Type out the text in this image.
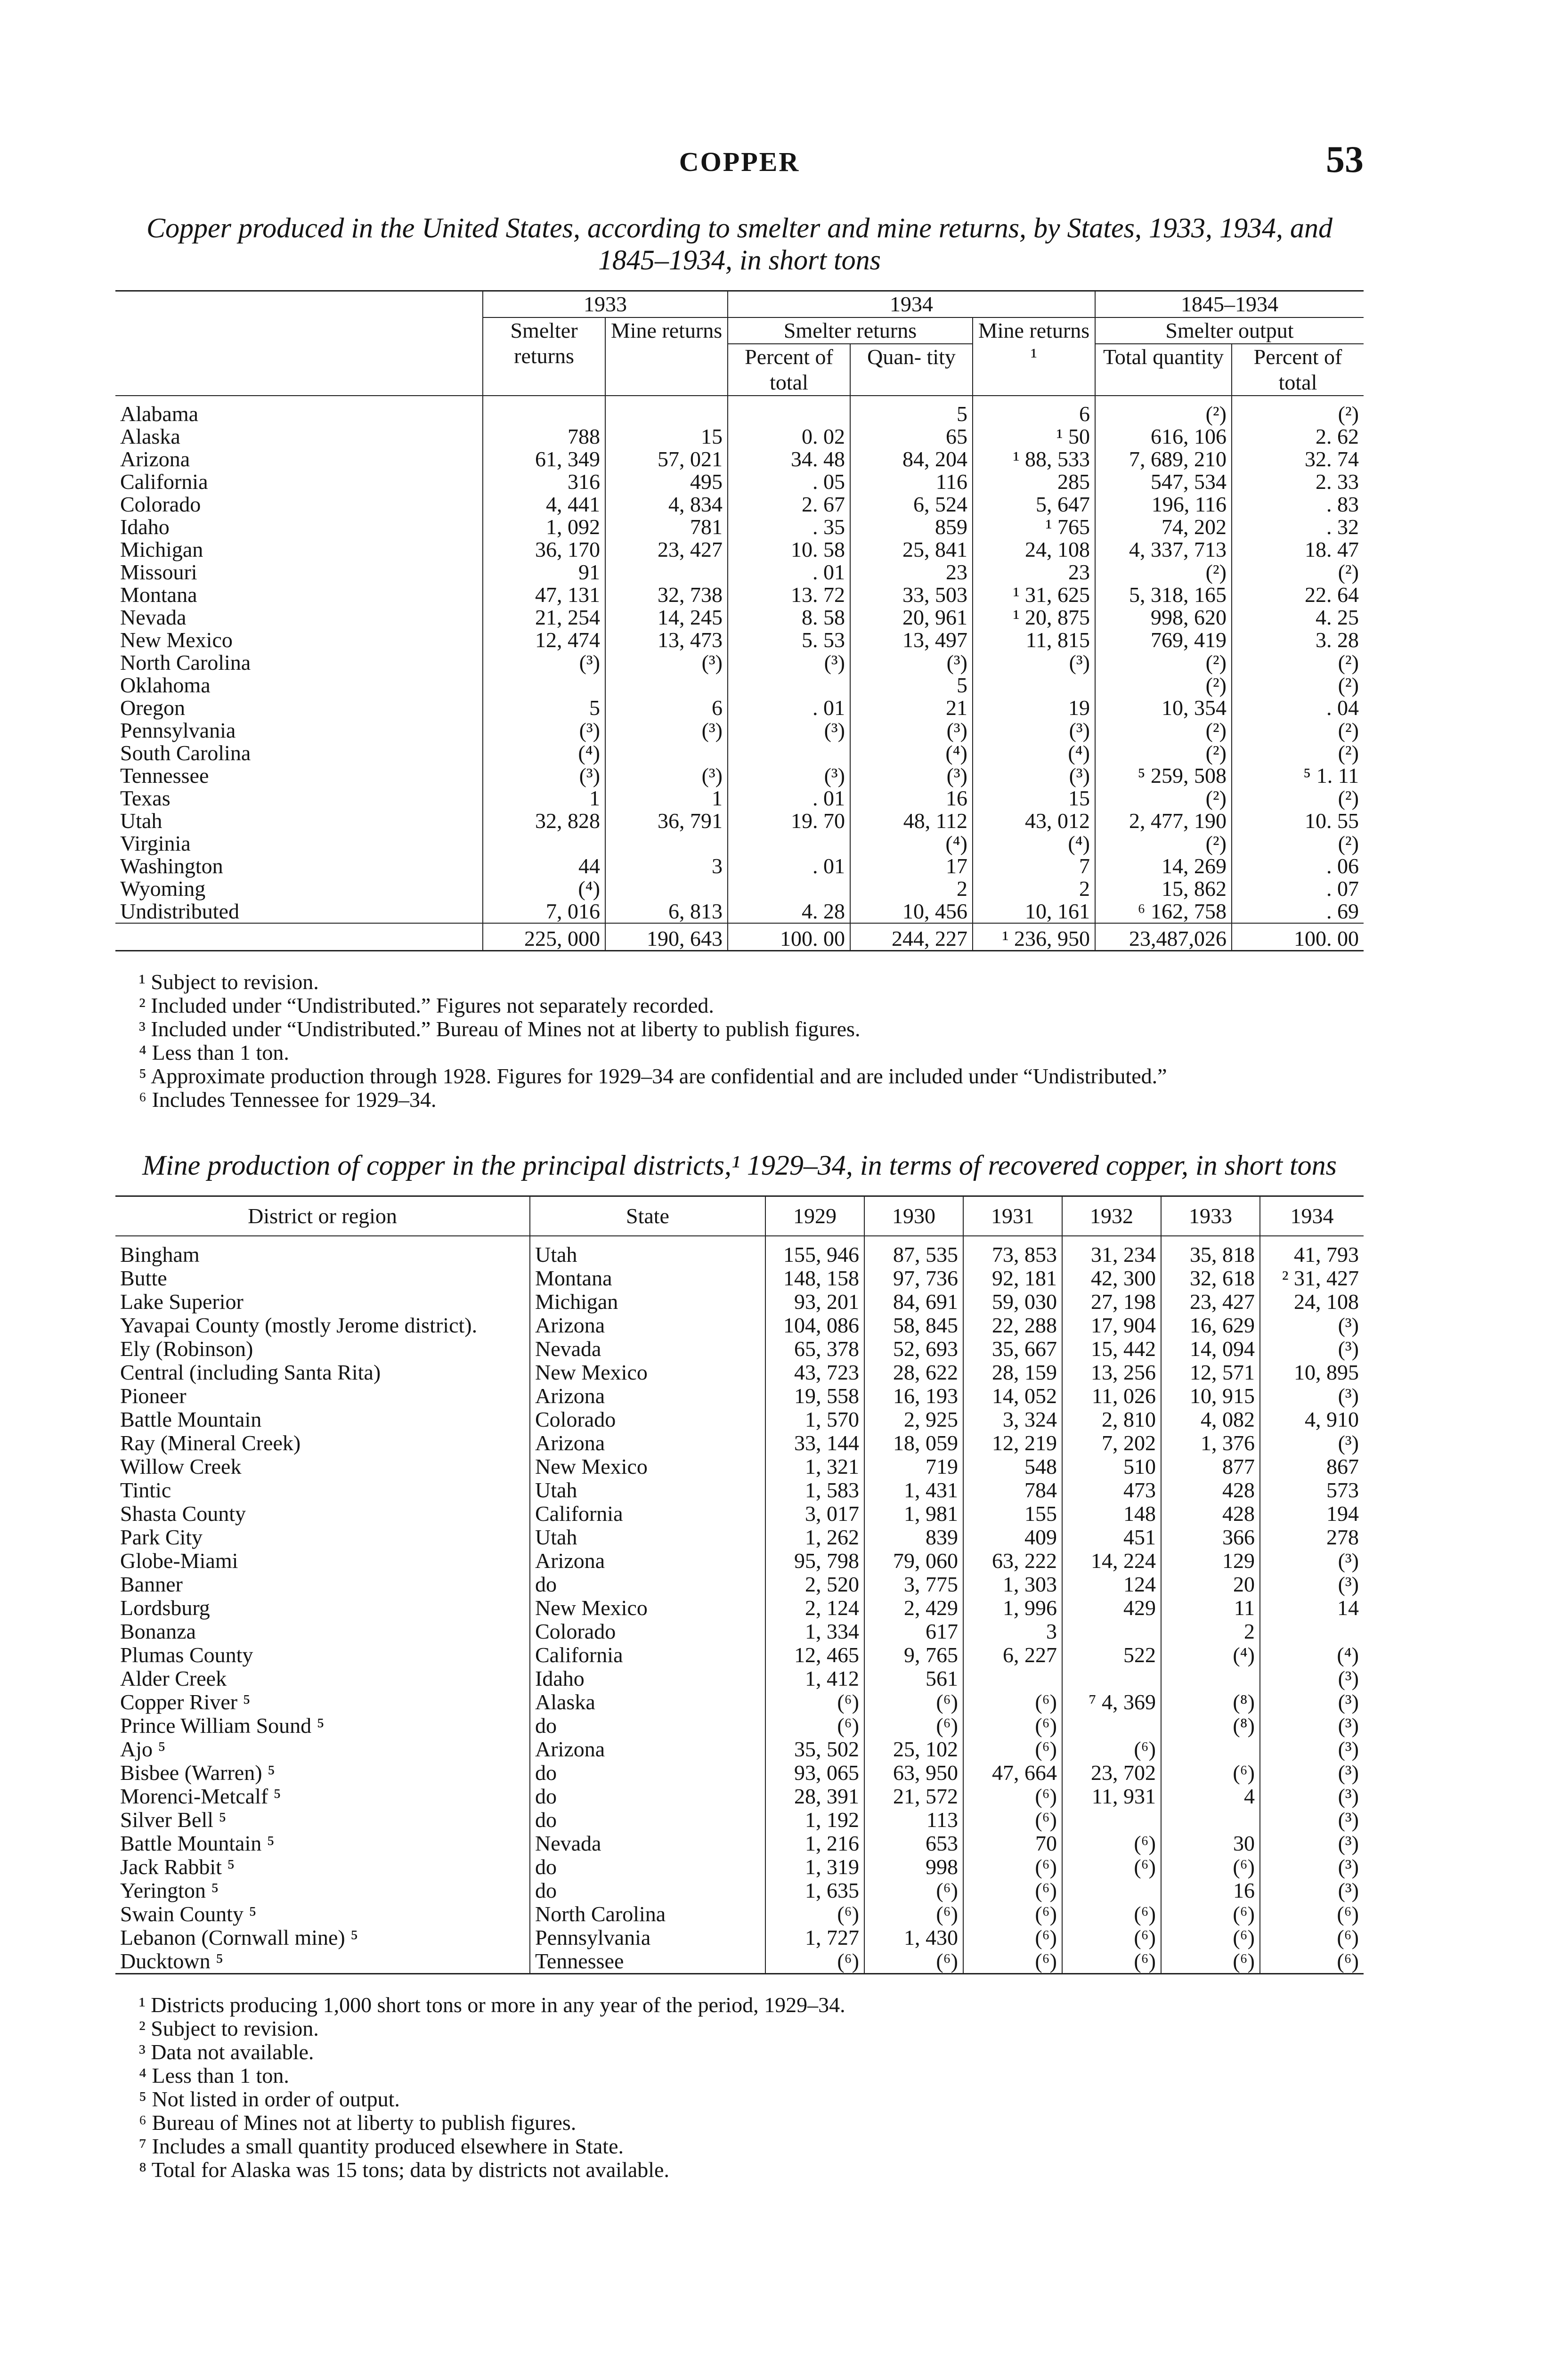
COPPER	53
Copper produced in the United States, according to smelter and mine returns, by States, 1933, 1934, and 1845–1934, in short tons
	1933		1934			1845–1934	
	Smelter returns	Mine returns	Smelter returns		Mine returns ¹	Smelter output	
			Percent of total	Quan- tity		Total quantity	Percent of total
Alabama				5	6	(²)	(²)
Alaska	788	15	0. 02	65	¹ 50	616, 106	2. 62
Arizona	61, 349	57, 021	34. 48	84, 204	¹ 88, 533	7, 689, 210	32. 74
California	316	495	. 05	116	285	547, 534	2. 33
Colorado	4, 441	4, 834	2. 67	6, 524	5, 647	196, 116	. 83
Idaho	1, 092	781	. 35	859	¹ 765	74, 202	. 32
Michigan	36, 170	23, 427	10. 58	25, 841	24, 108	4, 337, 713	18. 47
Missouri	91		. 01	23	23	(²)	(²)
Montana	47, 131	32, 738	13. 72	33, 503	¹ 31, 625	5, 318, 165	22. 64
Nevada	21, 254	14, 245	8. 58	20, 961	¹ 20, 875	998, 620	4. 25
New Mexico	12, 474	13, 473	5. 53	13, 497	11, 815	769, 419	3. 28
North Carolina	(³)	(³)	(³)	(³)	(³)	(²)	(²)
Oklahoma				5		(²)	(²)
Oregon	5	6	. 01	21	19	10, 354	. 04
Pennsylvania	(³)	(³)	(³)	(³)	(³)	(²)	(²)
South Carolina	(⁴)			(⁴)	(⁴)	(²)	(²)
Tennessee	(³)	(³)	(³)	(³)	(³)	⁵ 259, 508	⁵ 1. 11
Texas	1	1	. 01	16	15	(²)	(²)
Utah	32, 828	36, 791	19. 70	48, 112	43, 012	2, 477, 190	10. 55
Virginia				(⁴)	(⁴)	(²)	(²)
Washington	44	3	. 01	17	7	14, 269	. 06
Wyoming	(⁴)			2	2	15, 862	. 07
Undistributed	7, 016	6, 813	4. 28	10, 456	10, 161	⁶ 162, 758	. 69
	225, 000	190, 643	100. 00	244, 227	¹ 236, 950	23,487,026	100. 00
¹ Subject to revision.
² Included under “Undistributed.” Figures not separately recorded.
³ Included under “Undistributed.” Bureau of Mines not at liberty to publish figures.
⁴ Less than 1 ton.
⁵ Approximate production through 1928. Figures for 1929–34 are confidential and are included under “Undistributed.”
⁶ Includes Tennessee for 1929–34.
Mine production of copper in the principal districts,¹ 1929–34, in terms of recovered copper, in short tons
District or region	State	1929	1930	1931	1932	1933	1934
Bingham	Utah	155, 946	87, 535	73, 853	31, 234	35, 818	41, 793
Butte	Montana	148, 158	97, 736	92, 181	42, 300	32, 618	² 31, 427
Lake Superior	Michigan	93, 201	84, 691	59, 030	27, 198	23, 427	24, 108
Yavapai County (mostly Jerome district).	Arizona	104, 086	58, 845	22, 288	17, 904	16, 629	(³)
Ely (Robinson)	Nevada	65, 378	52, 693	35, 667	15, 442	14, 094	(³)
Central (including Santa Rita)	New Mexico	43, 723	28, 622	28, 159	13, 256	12, 571	10, 895
Pioneer	Arizona	19, 558	16, 193	14, 052	11, 026	10, 915	(³)
Battle Mountain	Colorado	1, 570	2, 925	3, 324	2, 810	4, 082	4, 910
Ray (Mineral Creek)	Arizona	33, 144	18, 059	12, 219	7, 202	1, 376	(³)
Willow Creek	New Mexico	1, 321	719	548	510	877	867
Tintic	Utah	1, 583	1, 431	784	473	428	573
Shasta County	California	3, 017	1, 981	155	148	428	194
Park City	Utah	1, 262	839	409	451	366	278
Globe-Miami	Arizona	95, 798	79, 060	63, 222	14, 224	129	(³)
Banner	do	2, 520	3, 775	1, 303	124	20	(³)
Lordsburg	New Mexico	2, 124	2, 429	1, 996	429	11	14
Bonanza	Colorado	1, 334	617	3		2	
Plumas County	California	12, 465	9, 765	6, 227	522	(⁴)	(⁴)
Alder Creek	Idaho	1, 412	561				(³)
Copper River ⁵	Alaska	(⁶)	(⁶)	(⁶)	⁷ 4, 369	(⁸)	(³)
Prince William Sound ⁵	do	(⁶)	(⁶)	(⁶)		(⁸)	(³)
Ajo ⁵	Arizona	35, 502	25, 102	(⁶)	(⁶)		(³)
Bisbee (Warren) ⁵	do	93, 065	63, 950	47, 664	23, 702	(⁶)	(³)
Morenci-Metcalf ⁵	do	28, 391	21, 572	(⁶)	11, 931	4	(³)
Silver Bell ⁵	do	1, 192	113	(⁶)			(³)
Battle Mountain ⁵	Nevada	1, 216	653	70	(⁶)	30	(³)
Jack Rabbit ⁵	do	1, 319	998	(⁶)	(⁶)	(⁶)	(³)
Yerington ⁵	do	1, 635	(⁶)	(⁶)		16	(³)
Swain County ⁵	North Carolina	(⁶)	(⁶)	(⁶)	(⁶)	(⁶)	(⁶)
Lebanon (Cornwall mine) ⁵	Pennsylvania	1, 727	1, 430	(⁶)	(⁶)	(⁶)	(⁶)
Ducktown ⁵	Tennessee	(⁶)	(⁶)	(⁶)	(⁶)	(⁶)	(⁶)
¹ Districts producing 1,000 short tons or more in any year of the period, 1929–34.
² Subject to revision.
³ Data not available.
⁴ Less than 1 ton.
⁵ Not listed in order of output.
⁶ Bureau of Mines not at liberty to publish figures.
⁷ Includes a small quantity produced elsewhere in State.
⁸ Total for Alaska was 15 tons; data by districts not available.
